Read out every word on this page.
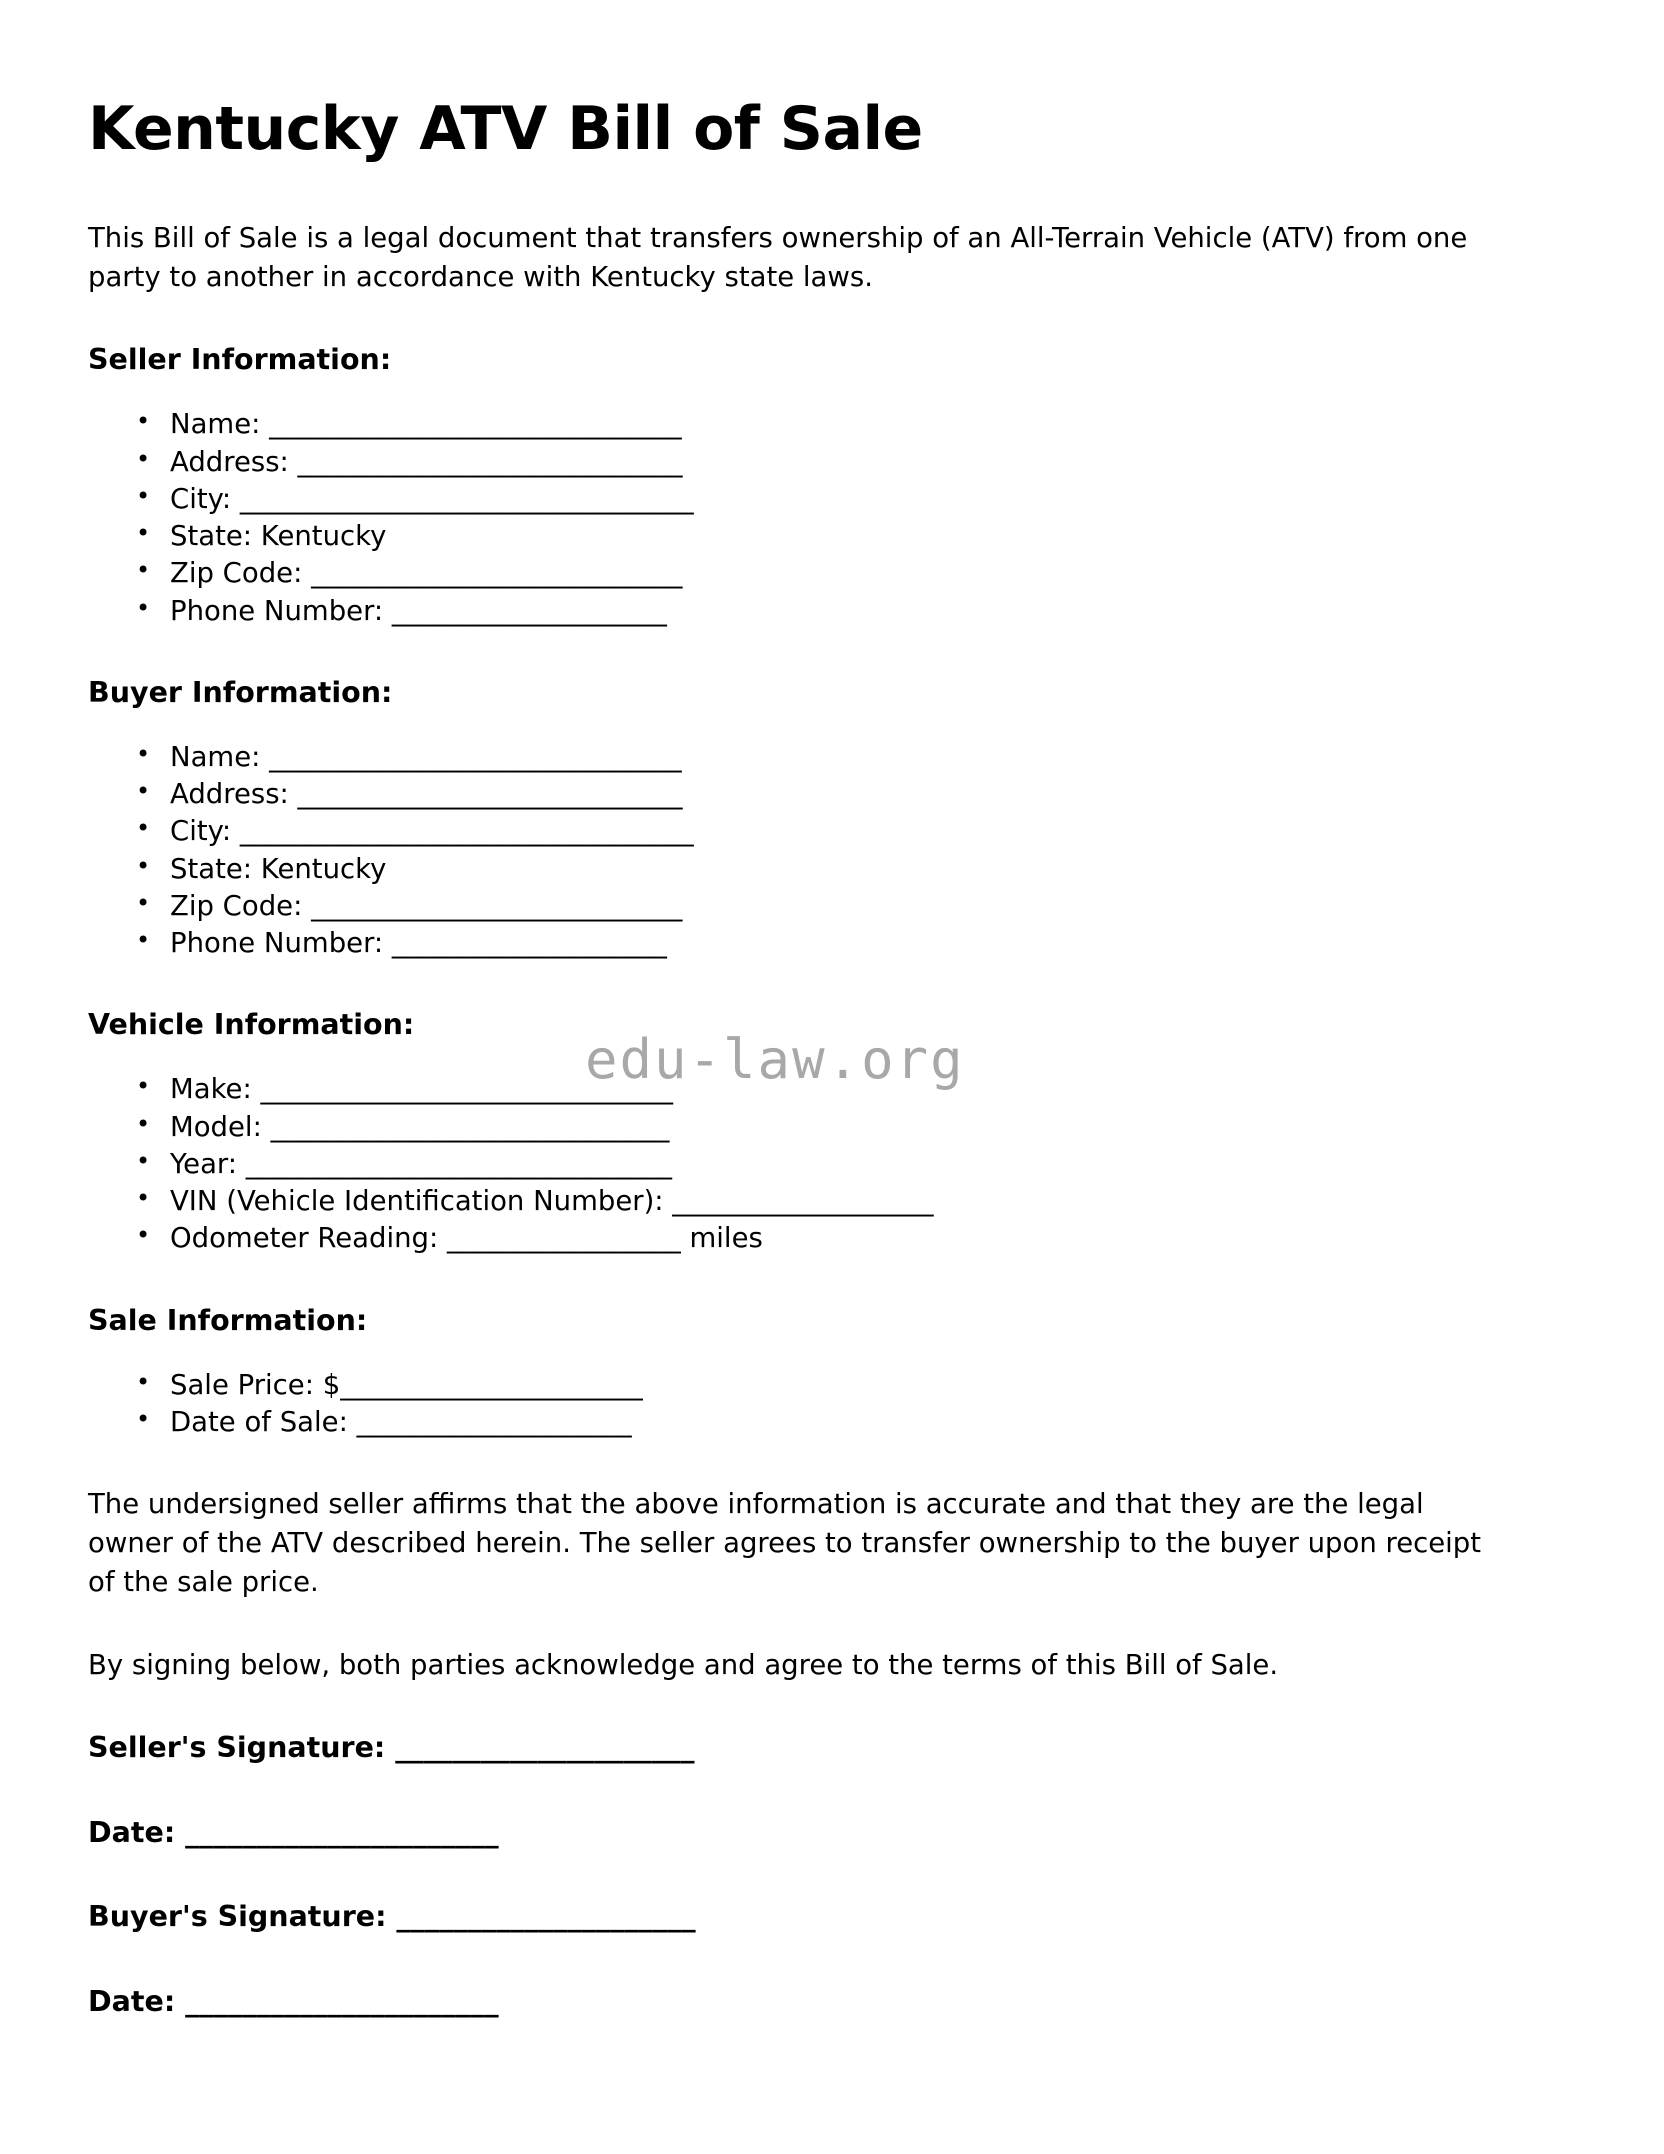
edu-law.org
Kentucky ATV Bill of Sale

This Bill of Sale is a legal document that transfers ownership of an All-Terrain Vehicle (ATV) from one party to another in accordance with Kentucky state laws.

Seller Information:
• Name: ______________________________
• Address: ____________________________
• City: _________________________________
• State: Kentucky
• Zip Code: ___________________________
• Phone Number: ____________________
Buyer Information:
• Name: ______________________________
• Address: ____________________________
• City: _________________________________
• State: Kentucky
• Zip Code: ___________________________
• Phone Number: ____________________
Vehicle Information:
• Make: ______________________________
• Model: _____________________________
• Year: _______________________________
• VIN (Vehicle Identification Number): ___________________
• Odometer Reading: _________________ miles
Sale Information:
• Sale Price: $______________________
• Date of Sale: ____________________

The undersigned seller affirms that the above information is accurate and that they are the legal owner of the ATV described herein. The seller agrees to transfer ownership to the buyer upon receipt of the sale price.

By signing below, both parties acknowledge and agree to the terms of this Bill of Sale.

Seller's Signature: _____________________
Date: ______________________
Buyer's Signature: _____________________
Date: ______________________
